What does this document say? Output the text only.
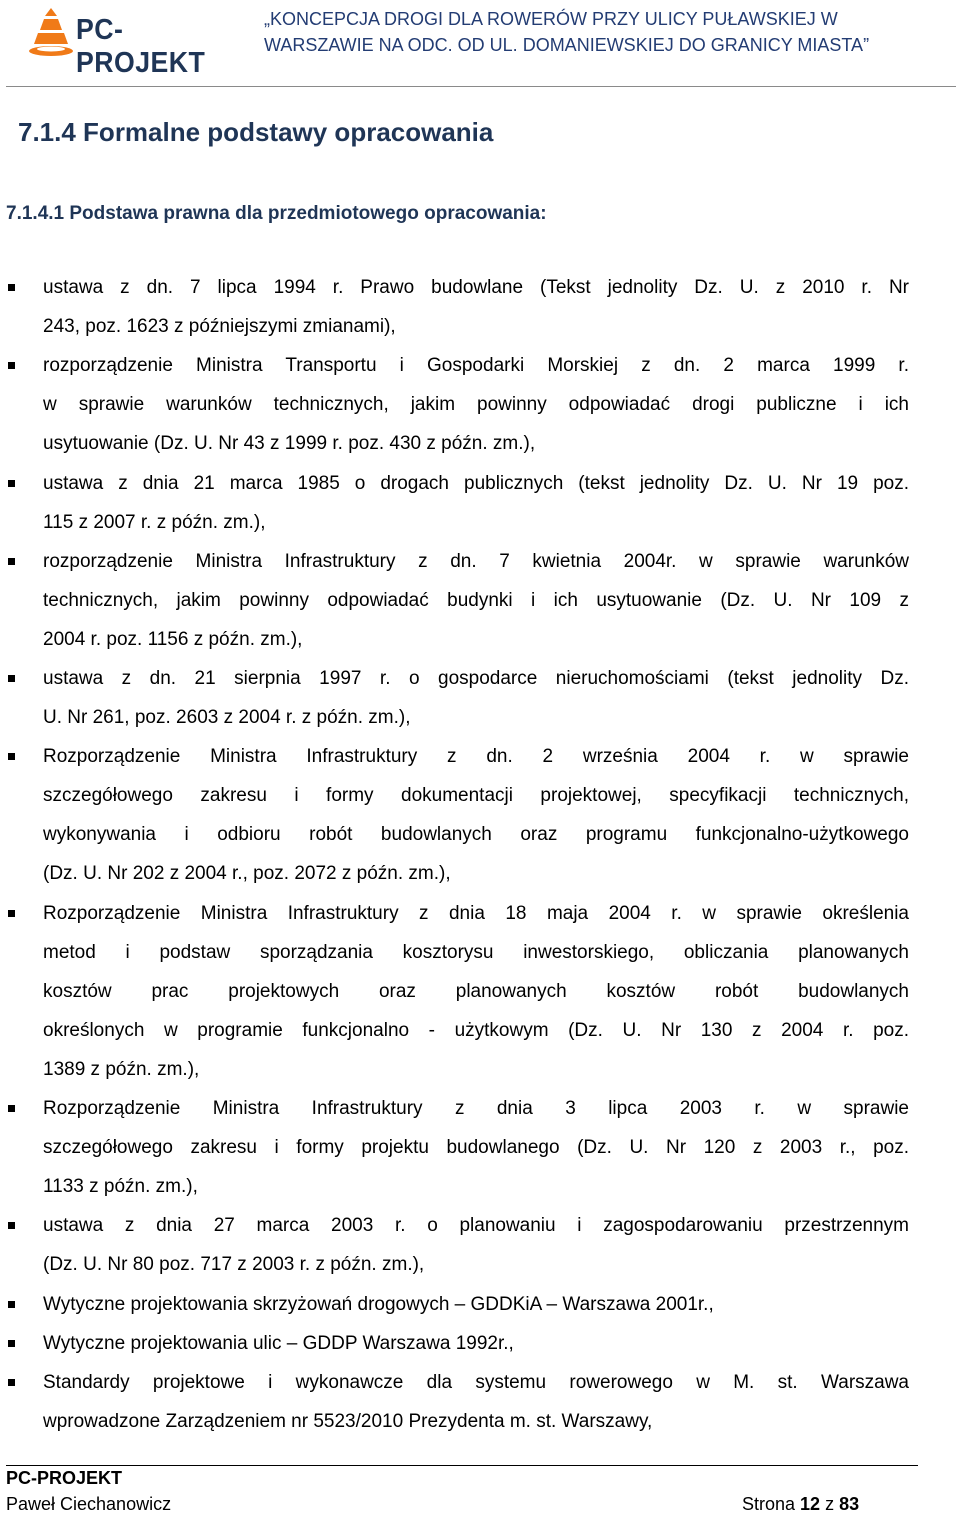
PC-PROJEKT
„KONCEPCJA DROGI DLA ROWERÓW PRZY ULICY PUŁAWSKIEJ W
WARSZAWIE NA ODC. OD UL. DOMANIEWSKIEJ DO GRANICY MIASTA”
7.1.4 Formalne podstawy opracowania
7.1.4.1 Podstawa prawna dla przedmiotowego opracowania:
ustawa z dn. 7 lipca 1994 r. Prawo budowlane (Tekst jednolity Dz. U. z 2010 r. Nr
243, poz. 1623 z późniejszymi zmianami),
rozporządzenie Ministra Transportu i Gospodarki Morskiej z dn. 2 marca 1999 r.
w sprawie warunków technicznych, jakim powinny odpowiadać drogi publiczne i ich
usytuowanie (Dz. U. Nr 43 z 1999 r. poz. 430 z późn. zm.),
ustawa z dnia 21 marca 1985 o drogach publicznych (tekst jednolity Dz. U. Nr 19 poz.
115 z 2007 r. z późn. zm.),
rozporządzenie Ministra Infrastruktury z dn. 7 kwietnia 2004r. w sprawie warunków
technicznych, jakim powinny odpowiadać budynki i ich usytuowanie (Dz. U. Nr 109 z
2004 r. poz. 1156 z późn. zm.),
ustawa z dn. 21 sierpnia 1997 r. o gospodarce nieruchomościami (tekst jednolity Dz.
U. Nr 261, poz. 2603 z 2004 r. z późn. zm.),
Rozporządzenie Ministra Infrastruktury z dn. 2 września 2004 r. w sprawie
szczegółowego zakresu i formy dokumentacji projektowej, specyfikacji technicznych,
wykonywania i odbioru robót budowlanych oraz programu funkcjonalno-użytkowego
(Dz. U. Nr 202 z 2004 r., poz. 2072 z późn. zm.),
Rozporządzenie Ministra Infrastruktury z dnia 18 maja 2004 r. w sprawie określenia
metod i podstaw sporządzania kosztorysu inwestorskiego, obliczania planowanych
kosztów prac projektowych oraz planowanych kosztów robót budowlanych
określonych w programie funkcjonalno - użytkowym (Dz. U. Nr 130 z 2004 r. poz.
1389 z późn. zm.),
Rozporządzenie Ministra Infrastruktury z dnia 3 lipca 2003 r. w sprawie
szczegółowego zakresu i formy projektu budowlanego (Dz. U. Nr 120 z 2003 r., poz.
1133 z późn. zm.),
ustawa z dnia 27 marca 2003 r. o planowaniu i zagospodarowaniu przestrzennym
(Dz. U. Nr 80 poz. 717 z 2003 r. z późn. zm.),
Wytyczne projektowania skrzyżowań drogowych – GDDKiA – Warszawa 2001r.,
Wytyczne projektowania ulic – GDDP Warszawa 1992r.,
Standardy projektowe i wykonawcze dla systemu rowerowego w M. st. Warszawa
wprowadzone Zarządzeniem nr 5523/2010 Prezydenta m. st. Warszawy,
PC-PROJEKT
Paweł Ciechanowicz	Strona 12 z 83
